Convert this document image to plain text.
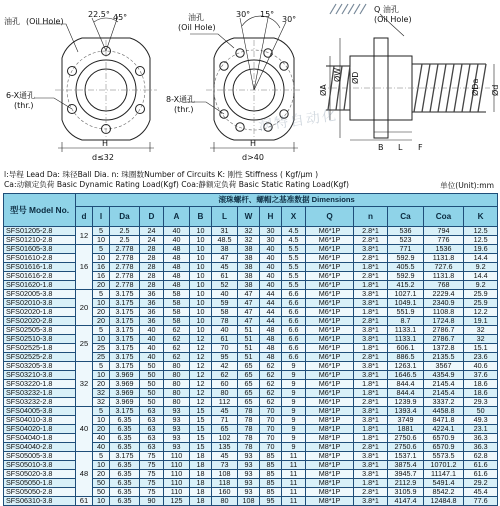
22.5° 45°
油孔 (Oil Hole)
6-X通孔
(thr.)
H
d≤32
30° 15°
30°
油孔
(Oil Hole)
8-X通孔
(thr.)
H
d>40
Q 油孔
(Oil Hole)
ØA
ØW ØD
Ød
ØDa
B L F
润特自动化
l:导程 Lead Da: 珠径Ball Dia. n: 珠圈数Number of Circuits K: 刚性 Stiffness ( Kgf/μm )
Ca:动额定负荷 Basic Dynamic Rating Load(Kgf) Coa:静额定负荷 Basic Static Rating Load(Kgf)	单位(Unit):mm
型号 Model No.	滚珠螺杆、螺帽之基准数据 Dimensions														
	d	l	Da	D	A	B	L	W	H	X	Q	n	Ca	Coa	K
SFS01205-2.8	12	5	2.5	24	40	10	31	32	30	4.5	M6*1P	2.8*1	536	794	12.5
SFS01210-2.8		10	2.5	24	40	10	48.5	32	30	4.5	M6*1P	2.8*1	523	776	12.5
SFS01605-3.8	16	5	2.778	28	48	10	38	38	40	5.5	M6*1P	3.8*1	771	1536	19.6
SFS01610-2.8		10	2.778	28	48	10	47	38	40	5.5	M6*1P	2.8*1	592.9	1131.8	14.4
SFS01616-1.8		16	2.778	28	48	10	45	38	40	5.5	M6*1P	1.8*1	405.5	727.6	9.2
SFS01616-2.8		16	2.778	28	48	10	61	38	40	5.5	M6*1P	2.8*1	592.9	1131.8	14.4
SFS01620-1.8		20	2.778	28	48	10	52	38	40	5.5	M6*1P	1.8*1	415.2	768	9.2
SFS02005-3.8	20	5	3.175	36	58	10	40	47	44	6.6	M6*1P	3.8*1	1027.1	2229.4	25.9
SFS02010-3.8		10	3.175	36	58	10	59	47	44	6.6	M6*1P	3.8*1	1049.1	2340.9	25.9
SFS02020-1.8		20	3.175	36	58	10	58	47	44	6.6	M6*1P	1.8*1	551.9	1108.8	12.2
SFS02020-2.8		20	3.175	36	58	10	78	47	44	6.6	M6*1P	2.8*1	8.7	1724.8	19.1
SFS02505-3.8	25	5	3.175	40	62	10	40	51	48	6.6	M6*1P	3.8*1	1133.1	2786.7	32
SFS02510-3.8		10	3.175	40	62	12	61	51	48	6.6	M6*1P	3.8*1	1133.1	2786.7	32
SFS02525-1.8		25	3.175	40	62	12	70	51	48	6.6	M6*1P	1.8*1	606.1	1372.8	15.1
SFS02525-2.8		25	3.175	40	62	12	95	51	48	6.6	M6*1P	2.8*1	886.5	2135.5	23.6
SFS03205-3.8	32	5	3.175	50	80	12	42	65	62	9	M6*1P	3.8*1	1263.1	3567	40.6
SFS03210-3.8		10	3.969	50	80	12	62	65	62	9	M6*1P	3.8*1	1646.5	4354.9	37.6
SFS03220-1.8		20	3.969	50	80	12	60	65	62	9	M6*1P	1.8*1	844.4	2145.4	18.6
SFS03232-1.8		32	3.969	50	80	12	80	65	62	9	M6*1P	1.8*1	844.4	2145.4	18.6
SFS03232-2.8		32	3.969	50	80	12	112	65	62	9	M6*1P	2.8*1	1239.9	3337.2	29.3
SFS04005-3.8	40	5	3.175	63	93	15	45	78	70	9	M8*1P	3.8*1	1393.4	4458.8	50
SFS04010-3.8		10	6.35	63	93	15	71	78	70	9	M8*1P	3.8*1	3749	8471.8	49.3
SFS04020-1.8		20	6.35	63	93	15	65	78	70	9	M8*1P	1.8*1	1881	4224.1	23.1
SFS04040-1.8		40	6.35	63	93	15	102	78	70	9	M8*1P	1.8*1	2750.6	6570.9	36.3
SFS04040-2.8		40	6.35	63	93	15	135	78	70	9	M8*1P	2.8*1	2750.6	6570.9	36.3
SFS05005-3.8	48	5	3.175	75	110	18	45	93	85	11	M8*1P	3.8*1	1537.1	5573.5	62.8
SFS05010-3.8		10	6.35	75	110	18	73	93	85	11	M8*1P	3.8*1	3875.4	10701.2	61.6
SFS05020-3.8		20	6.35	75	110	18	108	93	85	11	M8*1P	3.8*1	3945.7	11147.1	61.6
SFS05050-1.8		50	6.35	75	110	18	118	93	85	11	M8*1P	1.8*1	2112.9	5491.4	29.2
SFS05050-2.8		50	6.35	75	110	18	160	93	85	11	M8*1P	2.8*1	3105.9	8542.2	45.4
SFS06310-3.8	61	10	6.35	90	125	18	80	108	95	11	M8*1P	3.8*1	4147.4	12484.8	77.6
